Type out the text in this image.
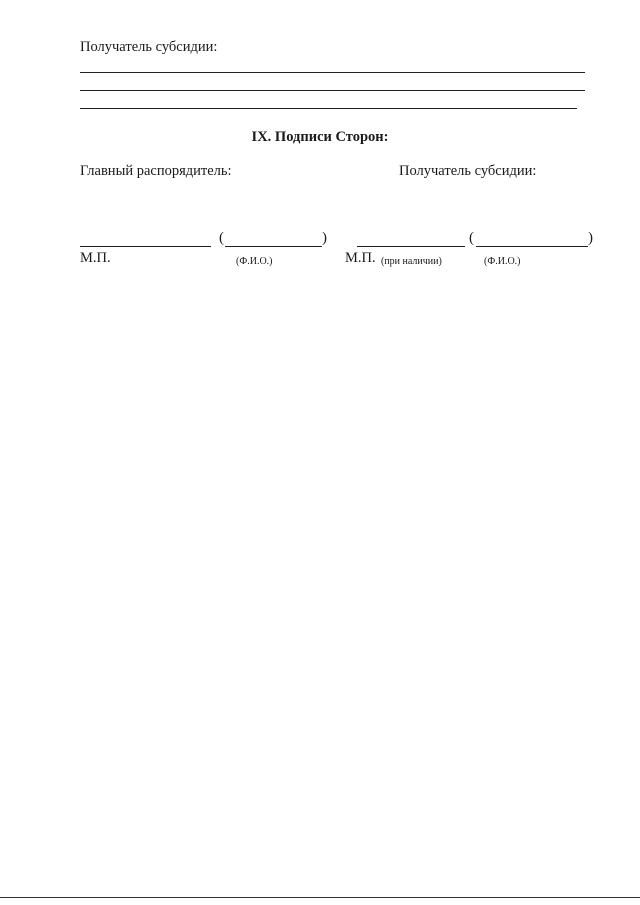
Получатель субсидии:
IX. Подписи Сторон:
Главный распорядитель:	Получатель субсидии:
(	)	(	)
М.П.	(Ф.И.О.)	М.П. (при наличии)	(Ф.И.О.)
